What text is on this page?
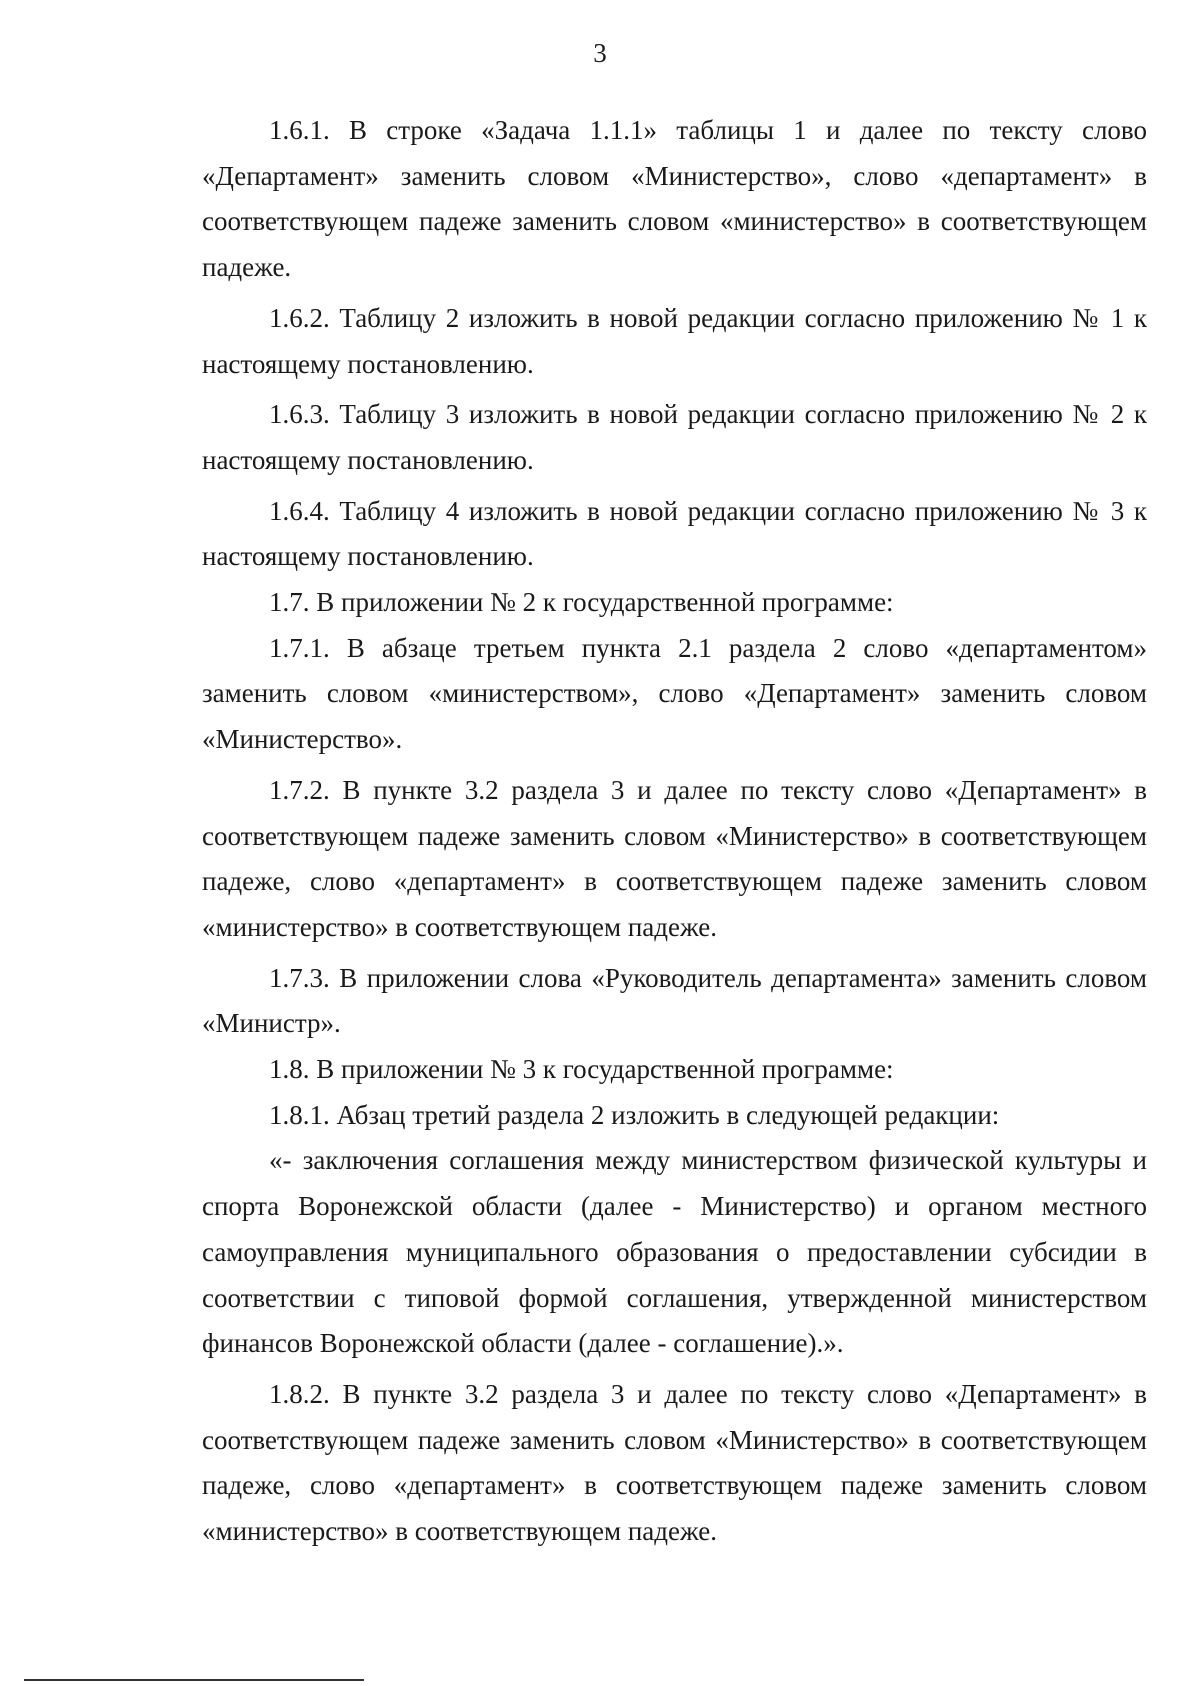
3

1.6.1. В строке «Задача 1.1.1» таблицы 1 и далее по тексту слово «Департамент» заменить словом «Министерство», слово «департамент» в соответствующем падеже заменить словом «министерство» в соответствующем падеже.

1.6.2. Таблицу 2 изложить в новой редакции согласно приложению № 1 к настоящему постановлению.

1.6.3. Таблицу 3 изложить в новой редакции согласно приложению № 2 к настоящему постановлению.

1.6.4. Таблицу 4 изложить в новой редакции согласно приложению № 3 к настоящему постановлению.

1.7. В приложении № 2 к государственной программе:

1.7.1. В абзаце третьем пункта 2.1 раздела 2 слово «департаментом» заменить словом «министерством», слово «Департамент» заменить словом «Министерство».

1.7.2. В пункте 3.2 раздела 3 и далее по тексту слово «Департамент» в соответствующем падеже заменить словом «Министерство» в соответствующем падеже, слово «департамент» в соответствующем падеже заменить словом «министерство» в соответствующем падеже.

1.7.3. В приложении слова «Руководитель департамента» заменить словом «Министр».

1.8. В приложении № 3 к государственной программе:

1.8.1. Абзац третий раздела 2 изложить в следующей редакции:

«- заключения соглашения между министерством физической культуры и спорта Воронежской области (далее - Министерство) и органом местного самоуправления муниципального образования о предоставлении субсидии в соответствии с типовой формой соглашения, утвержденной министерством финансов Воронежской области (далее - соглашение).».

1.8.2. В пункте 3.2 раздела 3 и далее по тексту слово «Департамент» в соответствующем падеже заменить словом «Министерство» в соответствующем падеже, слово «департамент» в соответствующем падеже заменить словом «министерство» в соответствующем падеже.
